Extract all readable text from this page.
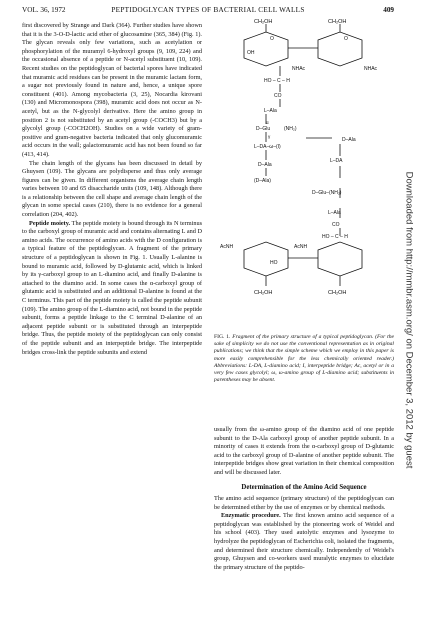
VOL. 36, 1972	PEPTIDOGLYCAN TYPES OF BACTERIAL CELL WALLS	409

first discovered by Strange and Dark (364). Further studies have shown that it is the 3-O-D-lactic acid ether of glucosamine (365, 384) (Fig. 1). The glycan reveals only few variations, such as acetylation or phosphorylation of the muramyl 6-hydroxyl groups (9, 109, 224) and the occasional absence of a peptide or N-acetyl substituent (10, 109). Recent studies on the peptidoglycan of bacterial spores have indicated that muramic acid residues can be present in the muramic lactam form, a sugar not previously found in nature and, hence, a unique spore constituent (401). Among mycobacteria (3, 25), Nocardia kirovani (130) and Micromonospora (398), muramic acid does not occur as N-acetyl, but as the N-glycolyl derivative. Here the amino group in position 2 is not substituted by an acetyl group (-COCH3) but by a glycolyl group (-COCH2OH). Studies on a wide variety of gram-positive and gram-negative bacteria indicated that only glucomuramic acid occurs in the wall; galactomuramic acid has not been found so far (413, 414).

The chain length of the glycans has been discussed in detail by Ghuysen (109). The glycans are polydisperse and thus only average figures can be given. In different organisms the average chain length varies between 10 and 65 disaccharide units (109, 148). Although there is a relationship between the cell shape and average chain length of the glycan in some special cases (210), there is no evidence for a general correlation (204, 402).

Peptide moiety. The peptide moiety is bound through its N terminus to the carboxyl group of muramic acid and contains alternating L and D amino acids. The occurrence of amino acids with the D configuration is a typical feature of the peptidoglycan. A fragment of the primary structure of a peptidoglycan is shown in Fig. 1. Usually L-alanine is bound to muramic acid, followed by D-glutamic acid, which is linked by its γ-carboxyl group to an L-diamino acid, and finally D-alanine is attached to the diamino acid. In some cases the α-carboxyl group of glutamic acid is substituted and an additional D-alanine is found at the C terminus. This part of the peptide moiety is called the peptide subunit (109). The amino group of the L-diamino acid, not bound in the peptide subunit, forms a peptide linkage to the C terminal D-alanine of an adjacent peptide subunit or is substituted through an interpeptide bridge. Thus, the peptide moiety of the peptidoglycan can only consist of the peptide subunit and an interpeptide bridge. The interpeptide bridges cross-link the peptide subunits and extend

CH₂OH	CH₂OH
O	O
OH
NHAc	NHAc
HO – C – H
CO
L–Ala
D–Glu	(NH₂)
α
γ
L–DA–ω–(I)
D–Ala
D–Ala
(D–Ala)
L–DA
D–Glu–(NH₂)
L–Ala
CO
HO – C – H
AcNH	AcNH
HO
CH₂OH	CH₂OH
FIG. 1. Fragment of the primary structure of a typical peptidoglycan. (For the sake of simplicity we do not use the conventional representation as in original publications; we think that the simple scheme which we employ in this paper is more easily comprehensible for the less chemically oriented reader.) Abbreviations: L-DA, L-diamino acid; I, interpeptide bridge; Ac, acetyl or in a very few cases glycolyl; ω, ω-amino group of L-diamino acid; substituents in parentheses may be absent.

usually from the ω-amino group of the diamino acid of one peptide subunit to the D-Ala carboxyl group of another peptide subunit. In a minority of cases it extends from the α-carboxyl group of D-glutamic acid to the carboxyl group of D-alanine of another peptide subunit. The interpeptide bridges show great variation in their chemical composition and will be discussed later.

Determination of the Amino Acid Sequence

The amino acid sequence (primary structure) of the peptidoglycan can be determined either by the use of enzymes or by chemical methods.

Enzymatic procedure. The first known amino acid sequence of a peptidoglycan was established by the pioneering work of Weidel and his school (403). They used autolytic enzymes and lysozyme to hydrolyze the peptidoglycan of Escherichia coli, isolated the fragments, and determined their structure chemically. Independently of Weidel's group, Ghuysen and co-workers used muralytic enzymes to elucidate the primary structure of the peptido-

Downloaded from http://mmbr.asm.org/ on December 3, 2012 by guest
